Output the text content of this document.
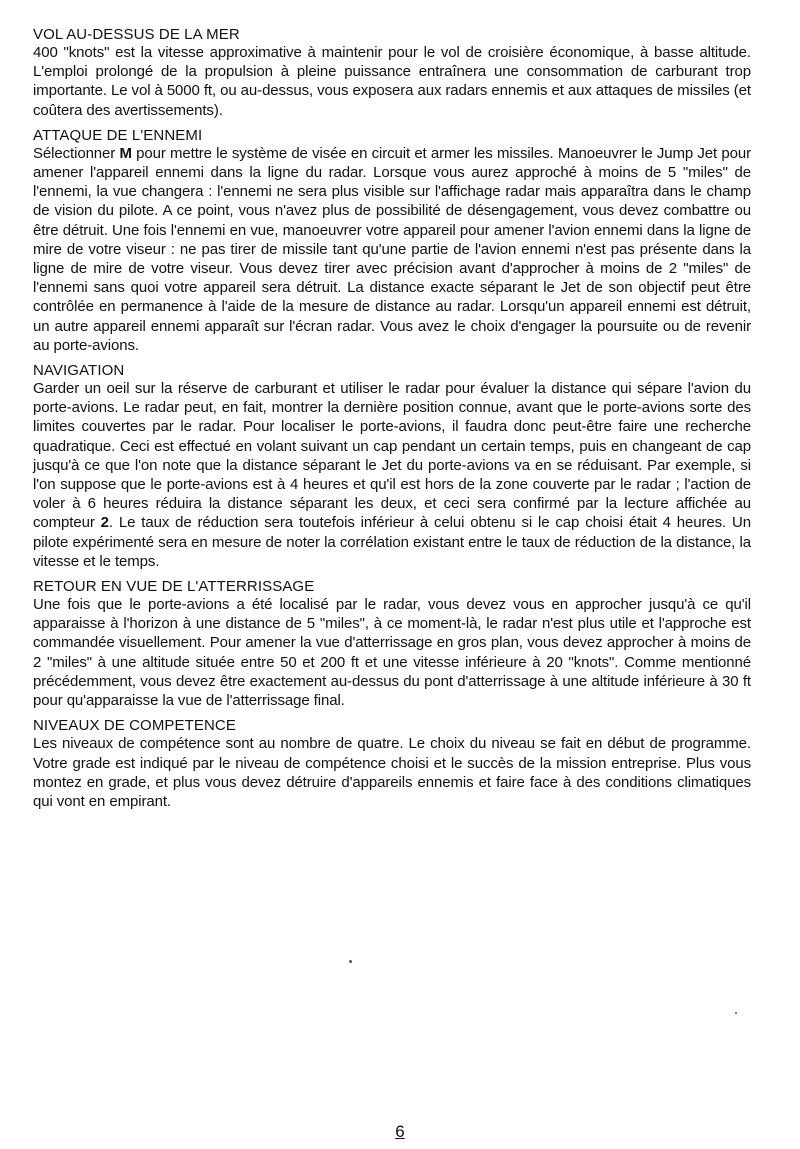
VOL AU-DESSUS DE LA MER

400 "knots" est la vitesse approximative à maintenir pour le vol de croisière économique, à basse altitude. L'emploi prolongé de la propulsion à pleine puissance entraînera une consommation de carburant trop importante. Le vol à 5000 ft, ou au-dessus, vous exposera aux radars ennemis et aux attaques de missiles (et coûtera des avertissements).

ATTAQUE DE L'ENNEMI

Sélectionner M pour mettre le système de visée en circuit et armer les missiles. Manoeuvrer le Jump Jet pour amener l'appareil ennemi dans la ligne du radar. Lorsque vous aurez approché à moins de 5 "miles" de l'ennemi, la vue changera : l'ennemi ne sera plus visible sur l'affichage radar mais apparaîtra dans le champ de vision du pilote. A ce point, vous n'avez plus de possibilité de désengagement, vous devez combattre ou être détruit. Une fois l'ennemi en vue, manoeuvrer votre appareil pour amener l'avion ennemi dans la ligne de mire de votre viseur : ne pas tirer de missile tant qu'une partie de l'avion ennemi n'est pas présente dans la ligne de mire de votre viseur. Vous devez tirer avec précision avant d'approcher à moins de 2 "miles" de l'ennemi sans quoi votre appareil sera détruit. La distance exacte séparant le Jet de son objectif peut être contrôlée en permanence à l'aide de la mesure de distance au radar. Lorsqu'un appareil ennemi est détruit, un autre appareil ennemi apparaît sur l'écran radar. Vous avez le choix d'engager la poursuite ou de revenir au porte-avions.

NAVIGATION

Garder un oeil sur la réserve de carburant et utiliser le radar pour évaluer la distance qui sépare l'avion du porte-avions. Le radar peut, en fait, montrer la dernière position connue, avant que le porte-avions sorte des limites couvertes par le radar. Pour localiser le porte-avions, il faudra donc peut-être faire une recherche quadratique. Ceci est effectué en volant suivant un cap pendant un certain temps, puis en changeant de cap jusqu'à ce que l'on note que la distance séparant le Jet du porte-avions va en se réduisant. Par exemple, si l'on suppose que le porte-avions est à 4 heures et qu'il est hors de la zone couverte par le radar ; l'action de voler à 6 heures réduira la distance séparant les deux, et ceci sera confirmé par la lecture affichée au compteur 2. Le taux de réduction sera toutefois inférieur à celui obtenu si le cap choisi était 4 heures. Un pilote expérimenté sera en mesure de noter la corrélation existant entre le taux de réduction de la distance, la vitesse et le temps.

RETOUR EN VUE DE L'ATTERRISSAGE

Une fois que le porte-avions a été localisé par le radar, vous devez vous en approcher jusqu'à ce qu'il apparaisse à l'horizon à une distance de 5 "miles", à ce moment-là, le radar n'est plus utile et l'approche est commandée visuellement. Pour amener la vue d'atterrissage en gros plan, vous devez approcher à moins de 2 "miles" à une altitude située entre 50 et 200 ft et une vitesse inférieure à 20 "knots". Comme mentionné précédemment, vous devez être exactement au-dessus du pont d'atterrissage à une altitude inférieure à 30 ft pour qu'apparaisse la vue de l'atterrissage final.

NIVEAUX DE COMPETENCE

Les niveaux de compétence sont au nombre de quatre. Le choix du niveau se fait en début de programme. Votre grade est indiqué par le niveau de compétence choisi et le succès de la mission entreprise. Plus vous montez en grade, et plus vous devez détruire d'appareils ennemis et faire face à des conditions climatiques qui vont en empirant.

6
